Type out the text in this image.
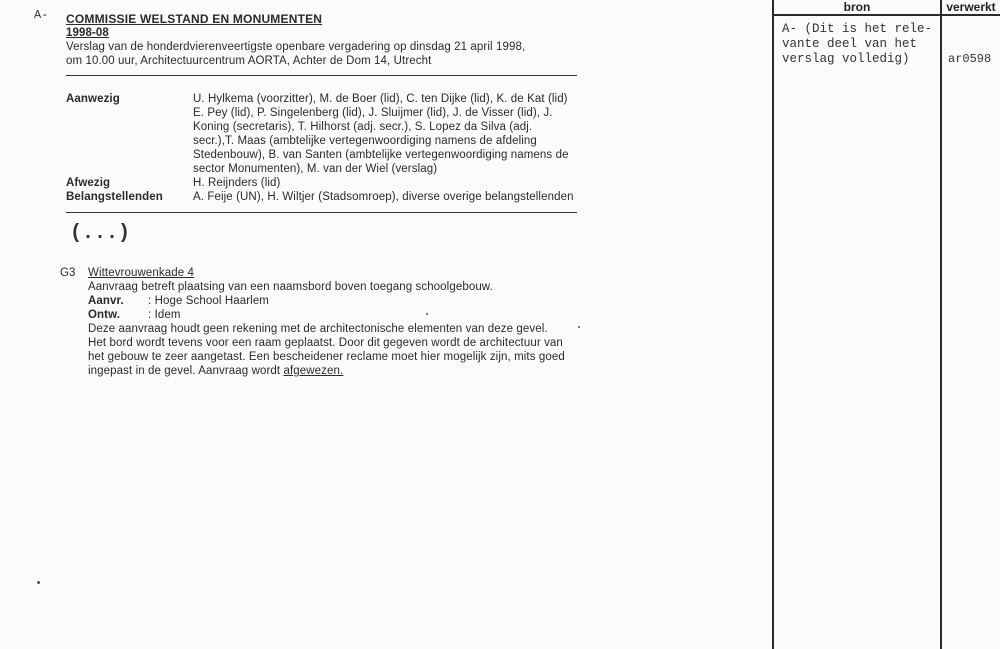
A- COMMISSIE WELSTAND EN MONUMENTEN
1998-08
Verslag van de honderdvierenveertigste openbare vergadering op dinsdag 21 april 1998,
om 10.00 uur, Architectuurcentrum AORTA, Achter de Dom 14, Utrecht
Aanwezig	U. Hylkema (voorzitter), M. de Boer (lid), C. ten Dijke (lid), K. de Kat (lid)
E. Pey (lid), P. Singelenberg (lid), J. Sluijmer (lid), J. de Visser (lid), J.
Koning (secretaris), T. Hilhorst (adj. secr.), S. Lopez da Silva (adj.
secr.),T. Maas (ambtelijke vertegenwoordiging namens de afdeling
Stedenbouw), B. van Santen (ambtelijke vertegenwoordiging namens de
sector Monumenten), M. van der Wiel (verslag)
Afwezig	H. Reijnders (lid)
Belangstellenden	A. Feije (UN), H. Wiltjer (Stadsomroep), diverse overige belangstellenden
(...)
G3 Wittevrouwenkade 4
Aanvraag betreft plaatsing van een naamsbord boven toegang schoolgebouw.
Aanvr. : Hoge School Haarlem
Ontw. : Idem
Deze aanvraag houdt geen rekening met de architectonische elementen van deze gevel.
Het bord wordt tevens voor een raam geplaatst. Door dit gegeven wordt de architectuur van
het gebouw te zeer aangetast. Een bescheidener reclame moet hier mogelijk zijn, mits goed
ingepast in de gevel. Aanvraag wordt afgewezen.
bron	verwerkt
A- (Dit is het rele-
vante deel van het
verslag volledig)	ar0598
